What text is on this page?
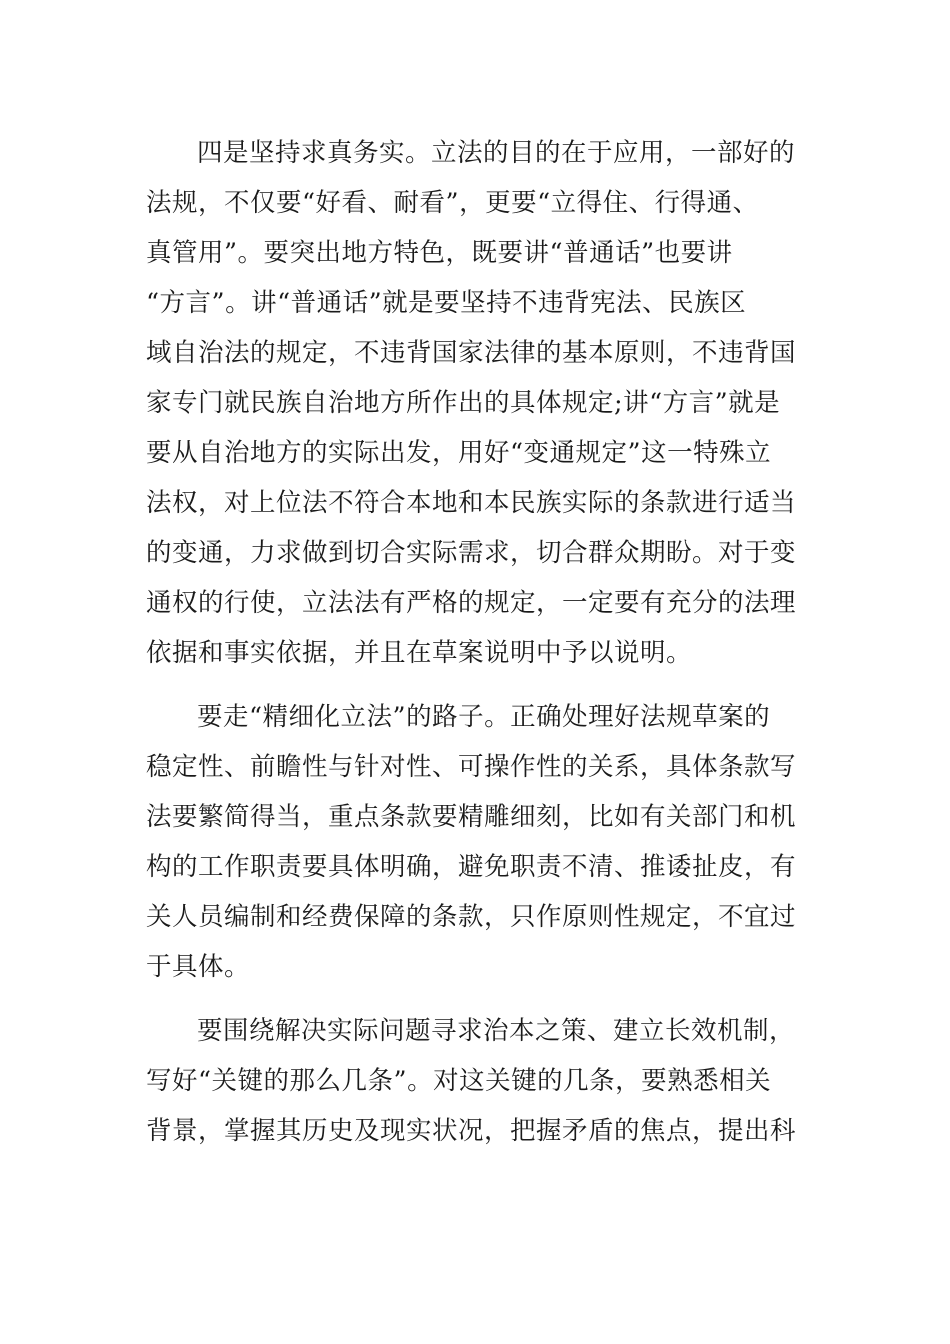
四是坚持求真务实。立法的目的在于应用，一部好的
法规，不仅要“好看、耐看”，更要“立得住、行得通、
真管用”。要突出地方特色，既要讲“普通话”也要讲
“方言”。讲“普通话”就是要坚持不违背宪法、民族区
域自治法的规定，不违背国家法律的基本原则，不违背国
家专门就民族自治地方所作出的具体规定;讲“方言”就是
要从自治地方的实际出发，用好“变通规定”这一特殊立
法权，对上位法不符合本地和本民族实际的条款进行适当
的变通，力求做到切合实际需求，切合群众期盼。对于变
通权的行使，立法法有严格的规定，一定要有充分的法理
依据和事实依据，并且在草案说明中予以说明。
要走“精细化立法”的路子。正确处理好法规草案的
稳定性、前瞻性与针对性、可操作性的关系，具体条款写
法要繁简得当，重点条款要精雕细刻，比如有关部门和机
构的工作职责要具体明确，避免职责不清、推诿扯皮，有
关人员编制和经费保障的条款，只作原则性规定，不宜过
于具体。
要围绕解决实际问题寻求治本之策、建立长效机制，
写好“关键的那么几条”。对这关键的几条，要熟悉相关
背景，掌握其历史及现实状况，把握矛盾的焦点，提出科
